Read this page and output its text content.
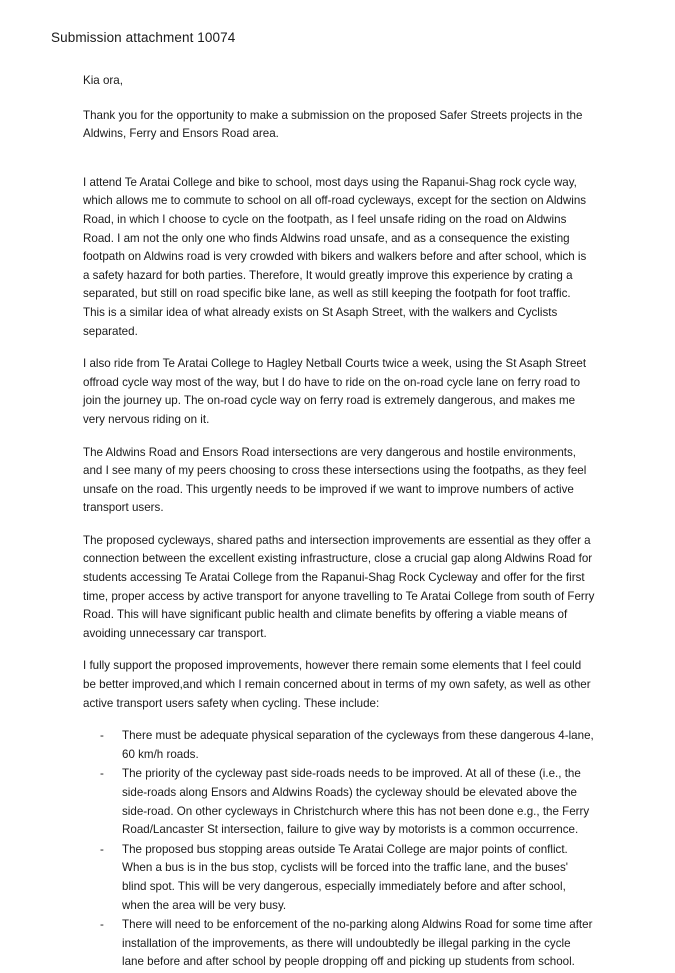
Submission attachment 10074

Kia ora,

Thank you for the opportunity to make a submission on the proposed Safer Streets projects in the Aldwins, Ferry and Ensors Road area.

I attend Te Aratai College and bike to school, most days using the Rapanui-Shag rock cycle way, which allows me to commute to school on all off-road cycleways, except for the section on Aldwins Road, in which I choose to cycle on the footpath, as I feel unsafe riding on the road on Aldwins Road. I am not the only one who finds Aldwins road unsafe, and as a consequence the existing footpath on Aldwins road is very crowded with bikers and walkers before and after school, which is a safety hazard for both parties. Therefore, It would greatly improve this experience by crating a separated, but still on road specific bike lane, as well as still keeping the footpath for foot traffic. This is a similar idea of what already exists on St Asaph Street, with the walkers and Cyclists separated.

I also ride from Te Aratai College to Hagley Netball Courts twice a week, using the St Asaph Street offroad cycle way most of the way, but I do have to ride on the on-road cycle lane on ferry road to join the journey up. The on-road cycle way on ferry road is extremely dangerous, and makes me very nervous riding on it.

The Aldwins Road and Ensors Road intersections are very dangerous and hostile environments, and I see many of my peers choosing to cross these intersections using the footpaths, as they feel unsafe on the road. This urgently needs to be improved if we want to improve numbers of active transport users.

The proposed cycleways, shared paths and intersection improvements are essential as they offer a connection between the excellent existing infrastructure, close a crucial gap along Aldwins Road for students accessing Te Aratai College from the Rapanui-Shag Rock Cycleway and offer for the first time, proper access by active transport for anyone travelling to Te Aratai College from south of Ferry Road. This will have significant public health and climate benefits by offering a viable means of avoiding unnecessary car transport.

I fully support the proposed improvements, however there remain some elements that I feel could be better improved,and which I remain concerned about in terms of my own safety, as well as other active transport users safety when cycling. These include:

- There must be adequate physical separation of the cycleways from these dangerous 4-lane, 60 km/h roads.
- The priority of the cycleway past side-roads needs to be improved. At all of these (i.e., the side-roads along Ensors and Aldwins Roads) the cycleway should be elevated above the side-road. On other cycleways in Christchurch where this has not been done e.g., the Ferry Road/Lancaster St intersection, failure to give way by motorists is a common occurrence.
- The proposed bus stopping areas outside Te Aratai College are major points of conflict. When a bus is in the bus stop, cyclists will be forced into the traffic lane, and the buses' blind spot. This will be very dangerous, especially immediately before and after school, when the area will be very busy.
- There will need to be enforcement of the no-parking along Aldwins Road for some time after installation of the improvements, as there will undoubtedly be illegal parking in the cycle lane before and after school by people dropping off and picking up students from school.
